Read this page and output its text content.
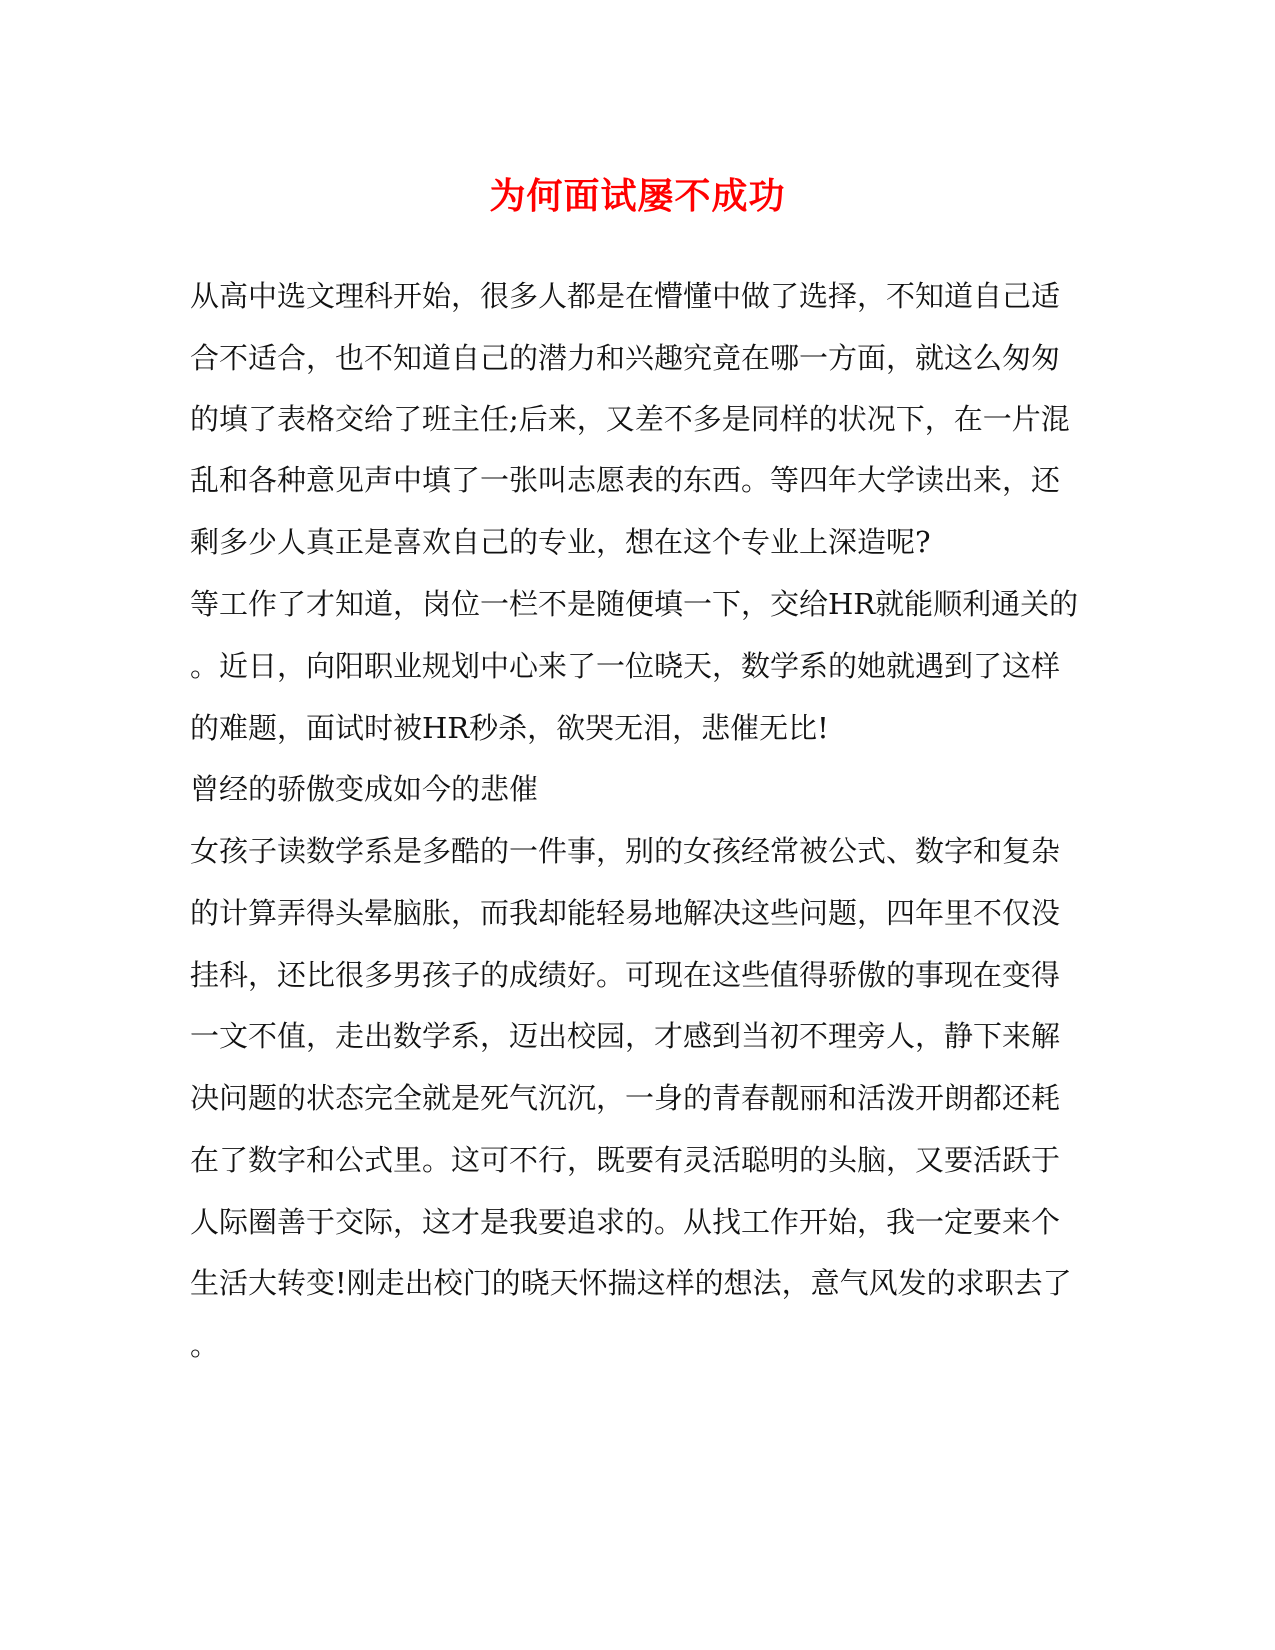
为何面试屡不成功
从高中选文理科开始，很多人都是在懵懂中做了选择，不知道自己适
合不适合，也不知道自己的潜力和兴趣究竟在哪一方面，就这么匆匆
的填了表格交给了班主任;后来，又差不多是同样的状况下，在一片混
乱和各种意见声中填了一张叫志愿表的东西。等四年大学读出来，还
剩多少人真正是喜欢自己的专业，想在这个专业上深造呢?
等工作了才知道，岗位一栏不是随便填一下，交给HR就能顺利通关的
。近日，向阳职业规划中心来了一位晓天，数学系的她就遇到了这样
的难题，面试时被HR秒杀，欲哭无泪，悲催无比!
曾经的骄傲变成如今的悲催
女孩子读数学系是多酷的一件事，别的女孩经常被公式、数字和复杂
的计算弄得头晕脑胀，而我却能轻易地解决这些问题，四年里不仅没
挂科，还比很多男孩子的成绩好。可现在这些值得骄傲的事现在变得
一文不值，走出数学系，迈出校园，才感到当初不理旁人，静下来解
决问题的状态完全就是死气沉沉，一身的青春靓丽和活泼开朗都还耗
在了数字和公式里。这可不行，既要有灵活聪明的头脑，又要活跃于
人际圈善于交际，这才是我要追求的。从找工作开始，我一定要来个
生活大转变!刚走出校门的晓天怀揣这样的想法，意气风发的求职去了
。
